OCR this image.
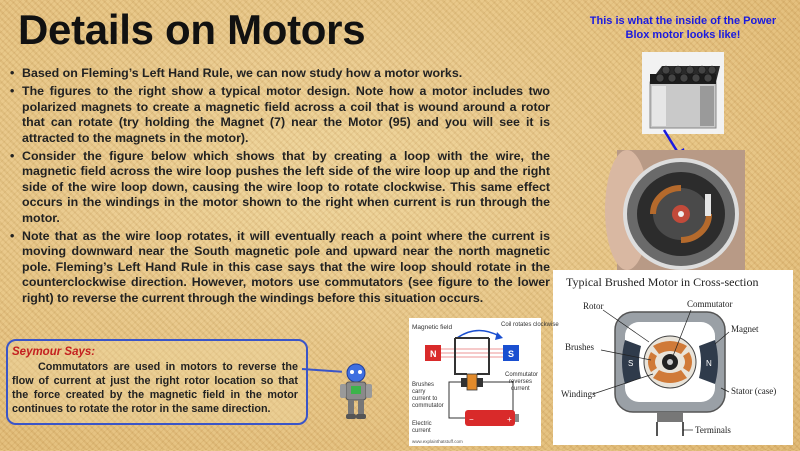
Details on Motors
• Based on Fleming’s Left Hand Rule, we can now study how a motor works.
• The figures to the right show a typical motor design. Note how a motor includes two polarized magnets to create a magnetic field across a coil that is wound around a rotor that can rotate (try holding the Magnet (7) near the Motor (95) and you will see it is attracted to the magnets in the motor).
• Consider the figure below which shows that by creating a loop with the wire, the magnetic field across the wire loop pushes the left side of the wire loop up and the right side of the wire loop down, causing the wire loop to rotate clockwise. This same effect occurs in the windings in the motor shown to the right when current is run through the motor.
• Note that as the wire loop rotates, it will eventually reach a point where the current is moving downward near the South magnetic pole and upward near the north magnetic pole. Fleming’s Left Hand Rule in this case says that the wire loop should rotate in the counterclockwise direction. However, motors use commutators (see figure to the lower right) to reverse the current through the windings before this situation occurs.
This is what the inside of the Power Blox motor looks like!
Typical Brushed Motor in Cross-section
S	N
Rotor	Commutator
Magnet
Brushes
Windings	Stator (case)
Terminals
Magnetic field	Coil rotates clockwise
N	S
−	+
Brushes carry current to commutator
Commutator reverses current
Electric current
www.explainthatstuff.com
Seymour Says:
Commutators are used in motors to reverse the flow of current at just the right rotor location so that the force created by the magnetic field in the motor continues to rotate the rotor in the same direction.
